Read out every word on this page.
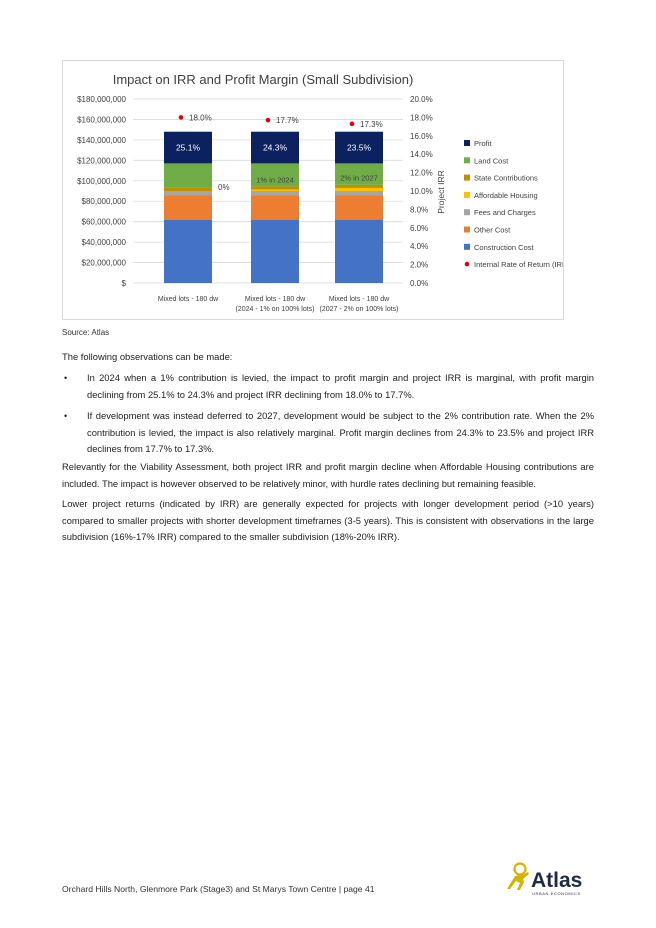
Impact on IRR and Profit Margin (Small Subdivision)
$
$20,000,000
$40,000,000
$60,000,000
$80,000,000
$100,000,000
$120,000,000
$140,000,000
$160,000,000
$180,000,000
0.0%
2.0%
4.0%
6.0%
8.0%
10.0%
12.0%
14.0%
16.0%
18.0%
20.0%
Project IRR
25.1%
0%
24.3%
1% in 2024
23.5%
2% in 2027
18.0%	17.7%	17.3%
Mixed lots - 180 dw	Mixed lots - 180 dw
(2024 - 1% on 100% lots)
Mixed lots - 180 dw
(2027 - 2% on 100% lots)
Profit
Land Cost
State Contributions
Affordable Housing
Fees and Charges
Other Cost
Construction Cost
Internal Rate of Return (IRR)
Source: Atlas
The following observations can be made:
• In 2024 when a 1% contribution is levied, the impact to profit margin and project IRR is marginal, with profit margin declining from 25.1% to 24.3% and project IRR declining from 18.0% to 17.7%.
• If development was instead deferred to 2027, development would be subject to the 2% contribution rate. When the 2% contribution is levied, the impact is also relatively marginal. Profit margin declines from 24.3% to 23.5% and project IRR declines from 17.7% to 17.3%.
Relevantly for the Viability Assessment, both project IRR and profit margin decline when Affordable Housing contributions are included. The impact is however observed to be relatively minor, with hurdle rates declining but remaining feasible.
Lower project returns (indicated by IRR) are generally expected for projects with longer development period (>10 years) compared to smaller projects with shorter development timeframes (3-5 years). This is consistent with observations in the large subdivision (16%-17% IRR) compared to the smaller subdivision (18%-20% IRR).
Orchard Hills North, Glenmore Park (Stage3) and St Marys Town Centre | page 41	Atlas
URBAN ECONOMICS
